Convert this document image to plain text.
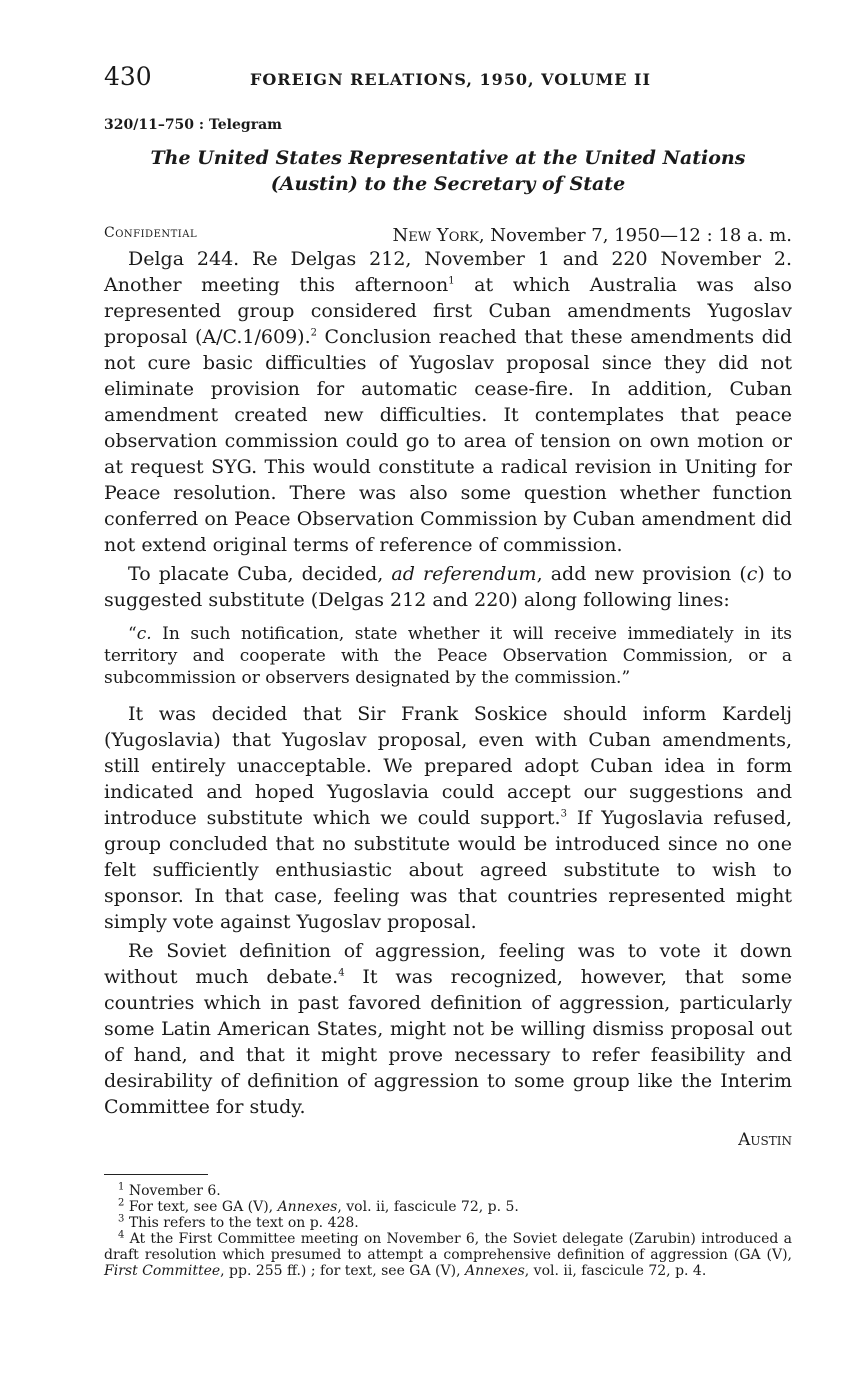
430	FOREIGN RELATIONS, 1950, VOLUME II
320/11–750 : Telegram
The United States Representative at the United Nations (Austin) to the Secretary of State
Confidential	New York, November 7, 1950—12 : 18 a. m.

Delga 244. Re Delgas 212, November 1 and 220 November 2. Another meeting this afternoon$^1$ at which Australia was also represented group considered first Cuban amendments Yugoslav proposal (A/C.1/609).$^2$ Conclusion reached that these amendments did not cure basic difficulties of Yugoslav proposal since they did not eliminate provision for automatic cease-fire. In addition, Cuban amendment created new difficulties. It contemplates that peace observation commission could go to area of tension on own motion or at request SYG. This would constitute a radical revision in Uniting for Peace resolution. There was also some question whether function conferred on Peace Observation Commission by Cuban amendment did not extend original terms of reference of commission.

To placate Cuba, decided, ad referendum, add new provision (c) to suggested substitute (Delgas 212 and 220) along following lines:

“c. In such notification, state whether it will receive immediately in its territory and cooperate with the Peace Observation Commission, or a subcommission or observers designated by the commission.”

It was decided that Sir Frank Soskice should inform Kardelj (Yugoslavia) that Yugoslav proposal, even with Cuban amendments, still entirely unacceptable. We prepared adopt Cuban idea in form indicated and hoped Yugoslavia could accept our suggestions and introduce substitute which we could support.$^3$ If Yugoslavia refused, group concluded that no substitute would be introduced since no one felt sufficiently enthusiastic about agreed substitute to wish to sponsor. In that case, feeling was that countries represented might simply vote against Yugoslav proposal.

Re Soviet definition of aggression, feeling was to vote it down without much debate.$^4$ It was recognized, however, that some countries which in past favored definition of aggression, particularly some Latin American States, might not be willing dismiss proposal out of hand, and that it might prove necessary to refer feasibility and desirability of definition of aggression to some group like the Interim Committee for study.

Austin

$^1$ November 6.

$^2$ For text, see GA (V), Annexes, vol. ii, fascicule 72, p. 5.

$^3$ This refers to the text on p. 428.

$^4$ At the First Committee meeting on November 6, the Soviet delegate (Zarubin) introduced a draft resolution which presumed to attempt a comprehensive definition of aggression (GA (V), First Committee, pp. 255 ff.) ; for text, see GA (V), Annexes, vol. ii, fascicule 72, p. 4.
